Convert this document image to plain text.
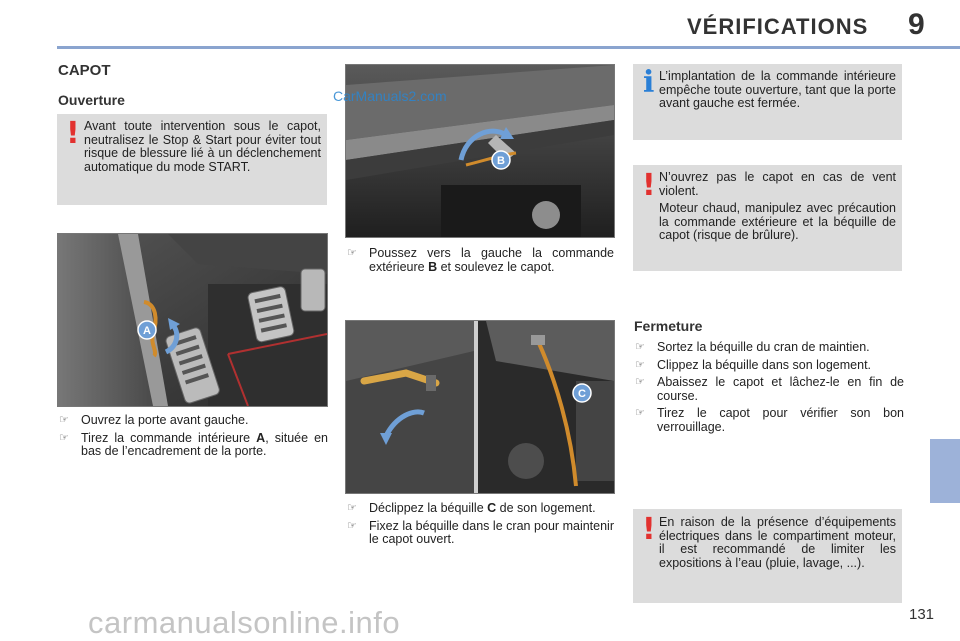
VÉRIFICATIONS 9
CAPOT
Ouverture
! Avant toute intervention sous le capot, neutralisez le Stop & Start pour éviter tout risque de blessure lié à un déclenchement automatique du mode START.
A
☞ Ouvrez la porte avant gauche.
☞ Tirez la commande intérieure A, située en bas de l’encadrement de la porte.
B
CarManuals2.com
☞ Poussez vers la gauche la commande extérieure B et soulevez le capot.
C
☞ Déclippez la béquille C de son logement.
☞ Fixez la béquille dans le cran pour maintenir le capot ouvert.
i L’implantation de la commande intérieure empêche toute ouverture, tant que la porte avant gauche est fermée.
! N’ouvrez pas le capot en cas de vent violent.
Moteur chaud, manipulez avec précaution la commande extérieure et la béquille de capot (risque de brûlure).
Fermeture
☞ Sortez la béquille du cran de maintien.
☞ Clippez la béquille dans son logement.
☞ Abaissez le capot et lâchez-le en fin de course.
☞ Tirez le capot pour vérifier son bon verrouillage.
! En raison de la présence d’équipements électriques dans le compartiment moteur, il est recommandé de limiter les expositions à l’eau (pluie, lavage, ...).
131
carmanualsonline.info
